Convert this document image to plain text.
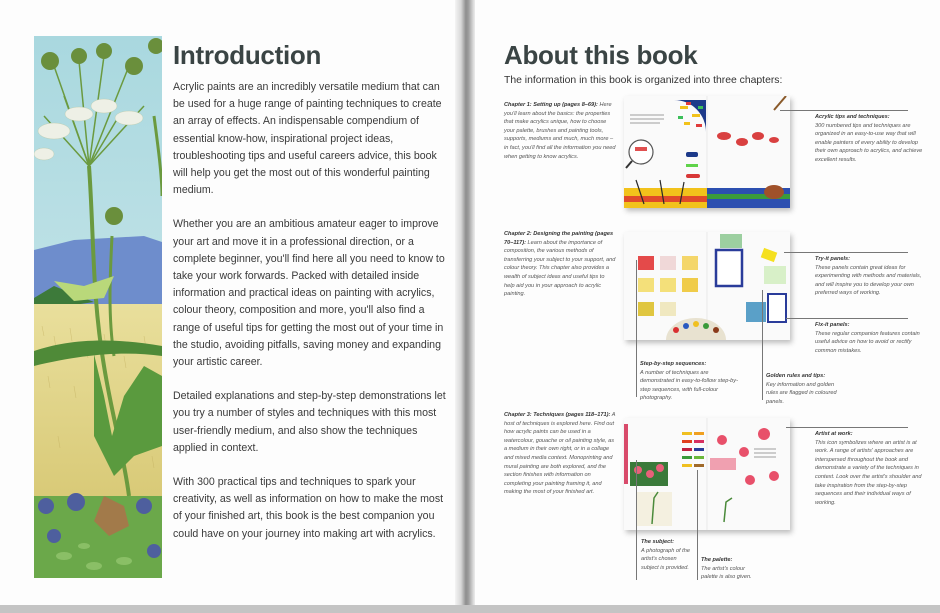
Introduction

Acrylic paints are an incredibly versatile medium that can be used for a huge range of painting techniques to create an array of effects. An indispensable compendium of essential know-how, inspirational project ideas, troubleshooting tips and useful careers advice, this book will help you get the most out of this wonderful painting medium.

Whether you are an ambitious amateur eager to improve your art and move it in a professional direction, or a complete beginner, you'll find here all you need to know to take your work forwards. Packed with detailed inside information and practical ideas on painting with acrylics, colour theory, composition and more, you'll also find a range of useful tips for getting the most out of your time in the studio, avoiding pitfalls, saving money and expanding your artistic career.

Detailed explanations and step-by-step demonstrations let you try a number of styles and techniques with this most user-friendly medium, and also show the techniques applied in context.

With 300 practical tips and techniques to spark your creativity, as well as information on how to make the most of your finished art, this book is the best companion you could have on your journey into making art with acrylics.

About this book
The information in this book is organized into three chapters:
Chapter 1: Setting up (pages 8–69): Here you'll learn about the basics: the properties that make acrylics unique, how to choose your palette, brushes and painting tools, supports, mediums and much, much more – in fact, you'll find all the information you need when getting to know acrylics.
Chapter 2: Designing the painting (pages 70–117): Learn about the importance of composition, the various methods of transferring your subject to your support, and colour theory. This chapter also provides a wealth of subject ideas and useful tips to help aid you in your approach to acrylic painting.
Chapter 3: Techniques (pages 118–171): A host of techniques is explored here. Find out how acrylic paints can be used in a watercolour, gouache or oil painting style, as a medium in their own right, or in a collage and mixed media context. Monoprinting and mural painting are both explored, and the section finishes with information on completing your painting framing it, and making the most of your finished art.
Acrylic tips and techniques:
300 numbered tips and techniques are organized in an easy-to-use way that will enable painters of every ability to develop their own approach to acrylics, and achieve excellent results.
Try-it panels:
These panels contain great ideas for experimenting with methods and materials, and will inspire you to develop your own preferred ways of working.
Fix-it panels:
These regular companion features contain useful advice on how to avoid or rectify common mistakes.
Step-by-step sequences:
A number of techniques are demonstrated in easy-to-follow step-by-step sequences, with full-colour photography.
Golden rules and tips:
Key information and golden rules are flagged in coloured panels.
Artist at work:
This icon symbolizes where an artist is at work. A range of artists' approaches are interspersed throughout the book and demonstrate a variety of the techniques in context. Look over the artist's shoulder and take inspiration from the step-by-step sequences and their individual ways of working.
The subject:
A photograph of the artist's chosen subject is provided.
The palette:
The artist's colour palette is also given.
